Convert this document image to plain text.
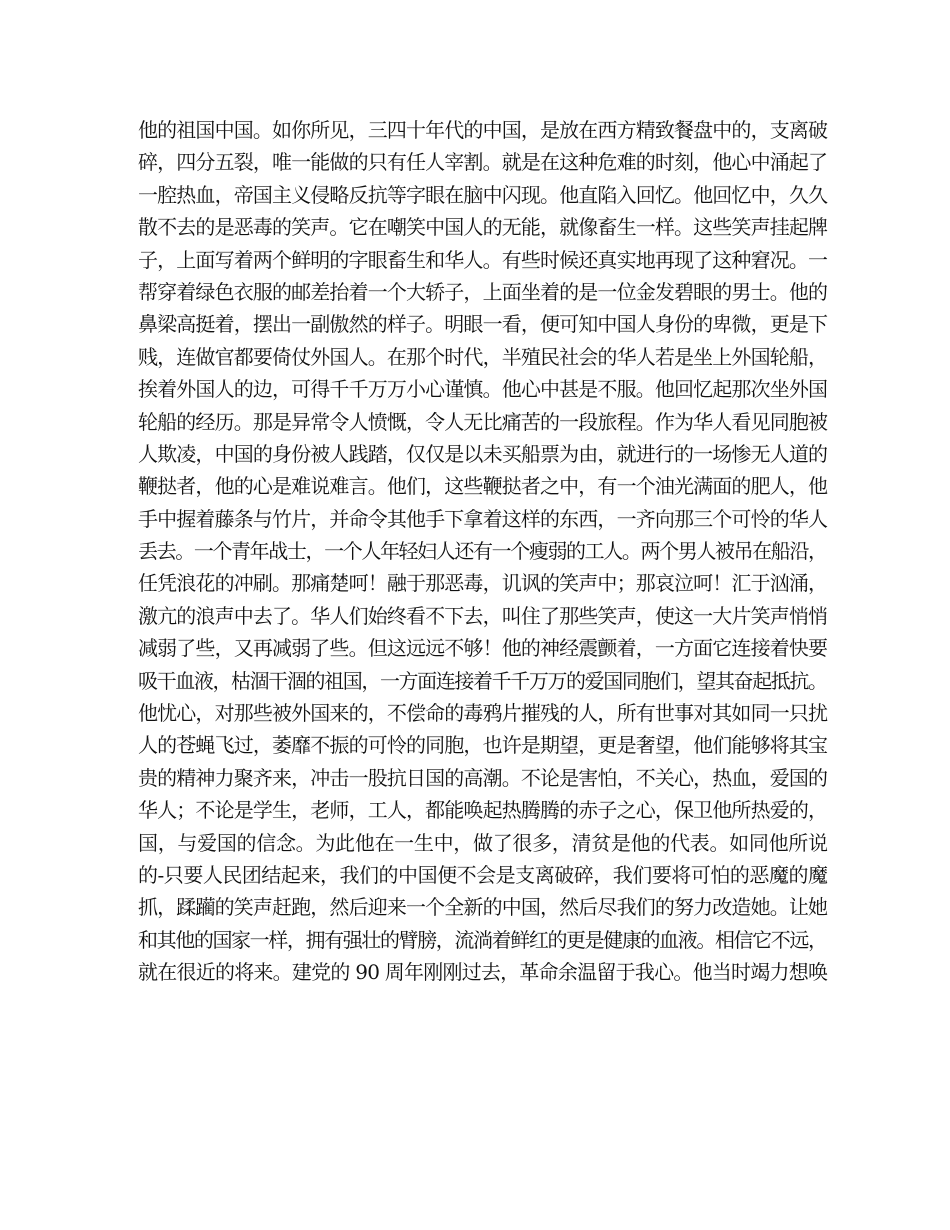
他的祖国中国。如你所见，三四十年代的中国，是放在西方精致餐盘中的，支离破
碎，四分五裂，唯一能做的只有任人宰割。就是在这种危难的时刻，他心中涌起了
一腔热血，帝国主义侵略反抗等字眼在脑中闪现。他直陷入回忆。他回忆中，久久
散不去的是恶毒的笑声。它在嘲笑中国人的无能，就像畜生一样。这些笑声挂起牌
子，上面写着两个鲜明的字眼畜生和华人。有些时候还真实地再现了这种窘况。一
帮穿着绿色衣服的邮差抬着一个大轿子，上面坐着的是一位金发碧眼的男士。他的
鼻梁高挺着，摆出一副傲然的样子。明眼一看，便可知中国人身份的卑微，更是下
贱，连做官都要倚仗外国人。在那个时代，半殖民社会的华人若是坐上外国轮船，
挨着外国人的边，可得千千万万小心谨慎。他心中甚是不服。他回忆起那次坐外国
轮船的经历。那是异常令人愤慨，令人无比痛苦的一段旅程。作为华人看见同胞被
人欺凌，中国的身份被人践踏，仅仅是以未买船票为由，就进行的一场惨无人道的
鞭挞者，他的心是难说难言。他们，这些鞭挞者之中，有一个油光满面的肥人，他
手中握着藤条与竹片，并命令其他手下拿着这样的东西，一齐向那三个可怜的华人
丢去。一个青年战士，一个人年轻妇人还有一个瘦弱的工人。两个男人被吊在船沿，
任凭浪花的冲刷。那痛楚呵！融于那恶毒，讥讽的笑声中；那哀泣呵！汇于汹涌，
激亢的浪声中去了。华人们始终看不下去，叫住了那些笑声，使这一大片笑声悄悄
减弱了些，又再减弱了些。但这远远不够！他的神经震颤着，一方面它连接着快要
吸干血液，枯涸干涸的祖国，一方面连接着千千万万的爱国同胞们，望其奋起抵抗。
他忧心，对那些被外国来的，不偿命的毒鸦片摧残的人，所有世事对其如同一只扰
人的苍蝇飞过，萎靡不振的可怜的同胞，也许是期望，更是奢望，他们能够将其宝
贵的精神力聚齐来，冲击一股抗日国的高潮。不论是害怕，不关心，热血，爱国的
华人；不论是学生，老师，工人，都能唤起热腾腾的赤子之心，保卫他所热爱的，
国，与爱国的信念。为此他在一生中，做了很多，清贫是他的代表。如同他所说
的-只要人民团结起来，我们的中国便不会是支离破碎，我们要将可怕的恶魔的魔
抓，蹂躏的笑声赶跑，然后迎来一个全新的中国，然后尽我们的努力改造她。让她
和其他的国家一样，拥有强壮的臂膀，流淌着鲜红的更是健康的血液。相信它不远，
就在很近的将来。建党的 90 周年刚刚过去，革命余温留于我心。他当时竭力想唤
